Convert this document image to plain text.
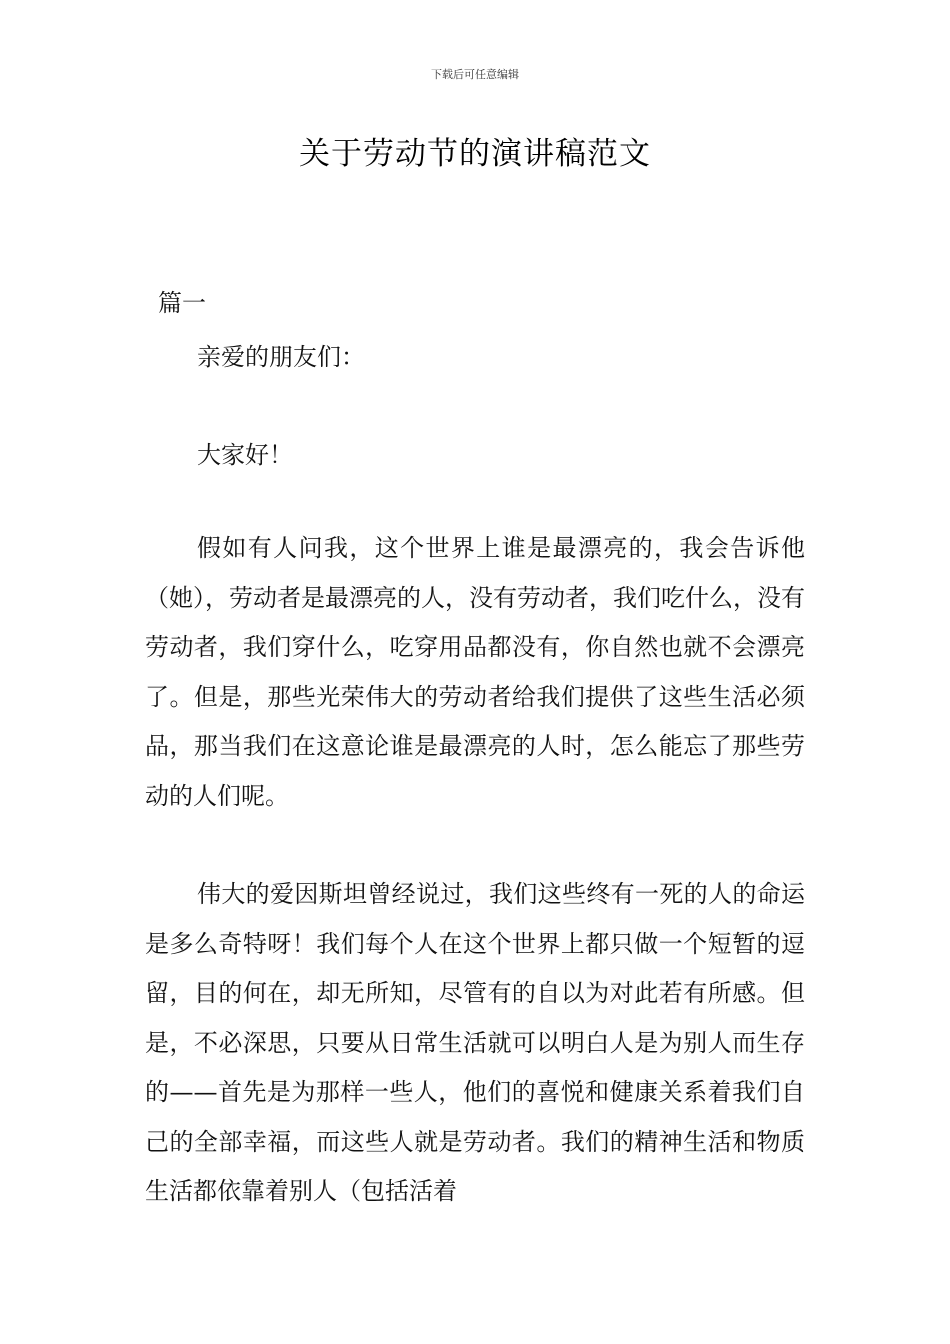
下载后可任意编辑
关于劳动节的演讲稿范文

篇一

亲爱的朋友们：

大家好！

假如有人问我，这个世界上谁是最漂亮的，我会告诉他（她），劳动者是最漂亮的人，没有劳动者，我们吃什么，没有劳动者，我们穿什么，吃穿用品都没有，你自然也就不会漂亮了。但是，那些光荣伟大的劳动者给我们提供了这些生活必须品，那当我们在这意论谁是最漂亮的人时，怎么能忘了那些劳动的人们呢。

伟大的爱因斯坦曾经说过，我们这些终有一死的人的命运是多么奇特呀！我们每个人在这个世界上都只做一个短暂的逗留，目的何在，却无所知，尽管有的自以为对此若有所感。但是，不必深思，只要从日常生活就可以明白人是为别人而生存的——首先是为那样一些人，他们的喜悦和健康关系着我们自己的全部幸福，而这些人就是劳动者。我们的精神生活和物质生活都依靠着别人（包括活着
